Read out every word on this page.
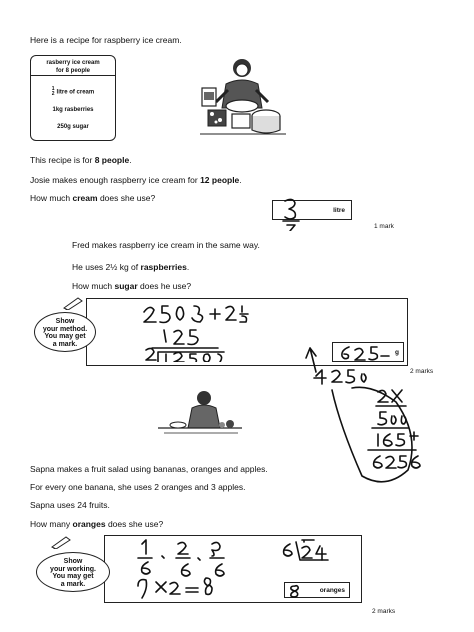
Here is a recipe for raspberry ice cream.
rasberry ice cream
for 8 people
1
2 litre of cream
1kg rasberries
250g sugar
This recipe is for 8 people.
Josie makes enough raspberry ice cream for 12 people.
How much cream does she use?
litre
1 mark
Fred makes raspberry ice cream in the same way.
He uses 2½ kg of raspberries.
How much sugar does he use?
Show
your method.
You may get
a mark.
g
2 marks
Sapna makes a fruit salad using bananas, oranges and apples.
For every one banana, she uses 2 oranges and 3 apples.
Sapna uses 24 fruits.
How many oranges does she use?
Show
your working.
You may get
a mark.
oranges
2 marks
